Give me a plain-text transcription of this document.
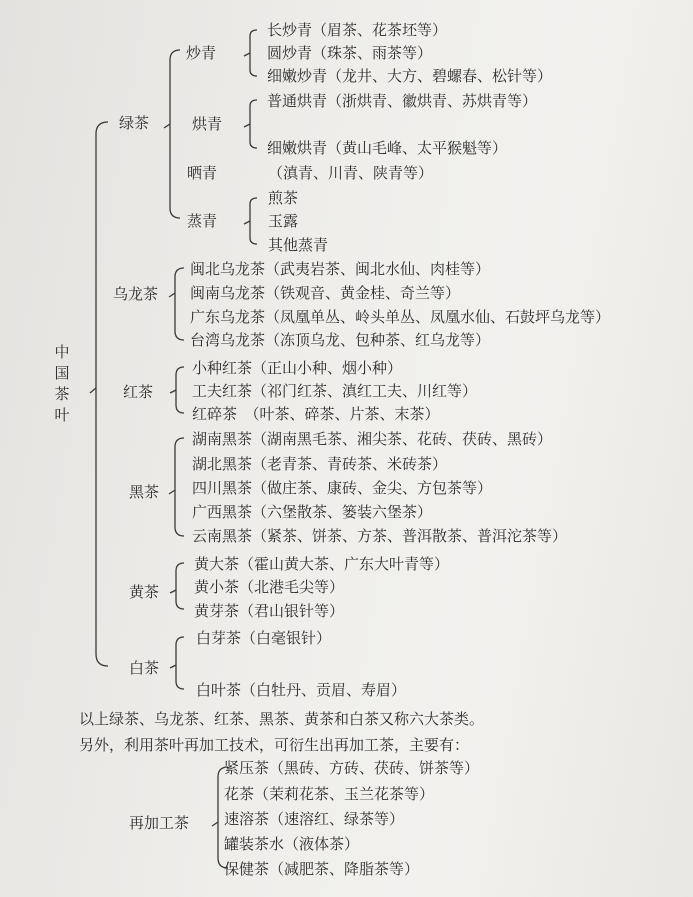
中国茶叶
绿茶
炒青
长炒青（眉茶、花茶坯等）
圆炒青（珠茶、雨茶等）
细嫩炒青（龙井、大方、碧螺春、松针等）
烘青
普通烘青（浙烘青、徽烘青、苏烘青等）
细嫩烘青（黄山毛峰、太平猴魁等）
晒青	（滇青、川青、陕青等）
蒸青
煎茶
玉露
其他蒸青
乌龙茶
闽北乌龙茶（武夷岩茶、闽北水仙、肉桂等）
闽南乌龙茶（铁观音、黄金桂、奇兰等）
广东乌龙茶（凤凰单丛、岭头单丛、凤凰水仙、石鼓坪乌龙等）
台湾乌龙茶（冻顶乌龙、包种茶、红乌龙等）
红茶
小种红茶（正山小种、烟小种）
工夫红茶（祁门红茶、滇红工夫、川红等）
红碎茶　（叶茶、碎茶、片茶、末茶）
黑茶
湖南黑茶（湖南黑毛茶、湘尖茶、花砖、茯砖、黑砖）
湖北黑茶（老青茶、青砖茶、米砖茶）
四川黑茶（做庄茶、康砖、金尖、方包茶等）
广西黑茶（六堡散茶、篓装六堡茶）
云南黑茶（紧茶、饼茶、方茶、普洱散茶、普洱沱茶等）
黄茶
黄大茶（霍山黄大茶、广东大叶青等）
黄小茶（北港毛尖等）
黄芽茶（君山银针等）
白茶
白芽茶（白毫银针）
白叶茶（白牡丹、贡眉、寿眉）
以上绿茶、乌龙茶、红茶、黑茶、黄茶和白茶又称六大茶类。
另外，利用茶叶再加工技术，可衍生出再加工茶，主要有：
再加工茶
紧压茶（黑砖、方砖、茯砖、饼茶等）
花茶（茉莉花茶、玉兰花茶等）
速溶茶（速溶红、绿茶等）
罐装茶水（液体茶）
保健茶（减肥茶、降脂茶等）
